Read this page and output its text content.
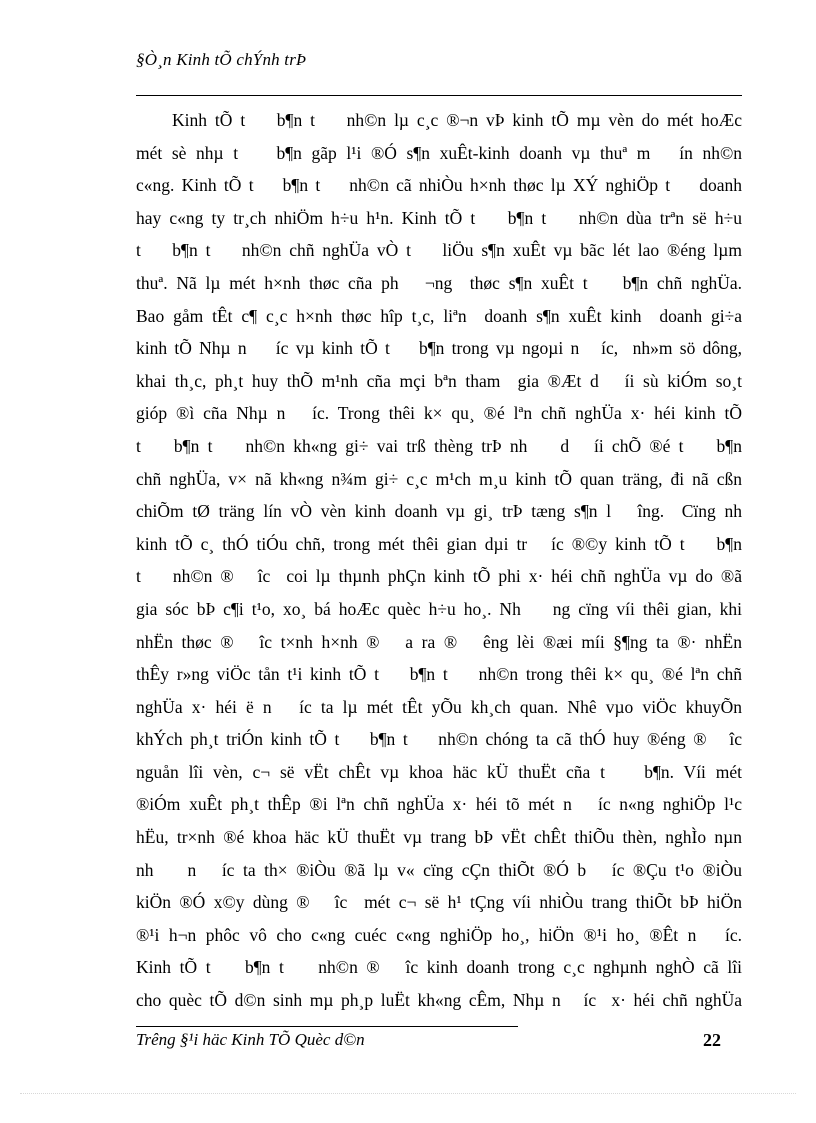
§Ò¸n Kinh tÕ chÝnh trÞ
Kinh tÕ t    b¶n t    nh©n lµ c¸c ®¬n vÞ kinh tÕ mµ vèn do mét hoÆc
mét sè nhµ t    b¶n gãp l¹i ®Ó s¶n xuÊt-kinh doanh vµ thuª m   ín nh©n
c«ng. Kinh tÕ t    b¶n t    nh©n cã nhiÒu h×nh thøc lµ XÝ nghiÖp t    doanh
hay c«ng ty tr¸ch nhiÖm h÷u h¹n. Kinh tÕ t    b¶n t    nh©n dùa trªn së h÷u
t    b¶n t    nh©n chñ nghÜa vÒ t    liÖu s¶n xuÊt vµ bãc lét lao ®éng lµm
thuª. Nã lµ mét h×nh thøc cña ph   ¬ng  thøc s¶n xuÊt t    b¶n chñ nghÜa.
Bao gåm tÊt c¶ c¸c h×nh thøc hîp t¸c, liªn  doanh s¶n xuÊt kinh  doanh gi÷a
kinh tÕ Nhµ n    íc vµ kinh tÕ t    b¶n trong vµ ngoµi n   íc,  nh»m sö dông,
khai th¸c, ph¸t huy thÕ m¹nh cña mçi bªn tham  gia ®Æt d   íi sù kiÓm so¸t
gióp ®ì cña Nhµ n   íc. Trong thêi k× qu¸ ®é lªn chñ nghÜa x· héi kinh tÕ
t    b¶n t    nh©n kh«ng gi÷ vai trß thèng trÞ nh    d   íi chÕ ®é t    b¶n
chñ nghÜa, v× nã kh«ng n¾m gi÷ c¸c m¹ch m¸u kinh tÕ quan träng, đi nã cßn
chiÕm tØ träng lín vÒ vèn kinh doanh vµ gi¸ trÞ tæng s¶n l   îng.  Cïng nh
kinh tÕ c¸ thÓ tiÓu chñ, trong mét thêi gian dµi tr   íc ®©y kinh tÕ t    b¶n
t    nh©n ®   îc  coi lµ thµnh phÇn kinh tÕ phi x· héi chñ nghÜa vµ do ®ã
gia sóc bÞ c¶i t¹o, xo¸ bá hoÆc quèc h÷u ho¸. Nh    ng cïng víi thêi gian, khi
nhËn thøc ®   îc t×nh h×nh ®   a ra ®   êng lèi ®æi míi §¶ng ta ®· nhËn
thÊy r»ng viÖc tån t¹i kinh tÕ t    b¶n t    nh©n trong thêi k× qu¸ ®é lªn chñ
nghÜa x· héi ë n   íc ta lµ mét tÊt yÕu kh¸ch quan. Nhê vµo viÖc khuyÕn
khÝch ph¸t triÓn kinh tÕ t    b¶n t    nh©n chóng ta cã thÓ huy ®éng ®   îc
nguån lîi vèn, c¬ së vËt chÊt vµ khoa häc kÜ thuËt cña t    b¶n. Víi mét
®iÓm xuÊt ph¸t thÊp ®i lªn chñ nghÜa x· héi tõ mét n   íc n«ng nghiÖp l¹c
hËu, tr×nh ®é khoa häc kÜ thuËt vµ trang bÞ vËt chÊt thiÕu thèn, nghÌo nµn
nh    n   íc ta th× ®iÒu ®ã lµ v« cïng cÇn thiÕt ®Ó b   íc ®Çu t¹o ®iÒu
kiÖn ®Ó x©y dùng ®   îc  mét c¬ së h¹ tÇng víi nhiÒu trang thiÕt bÞ hiÖn
®¹i h¬n phôc vô cho c«ng cuéc c«ng nghiÖp ho¸, hiÖn ®¹i ho¸ ®Êt n   íc.
Kinh tÕ t    b¶n t    nh©n ®   îc kinh doanh trong c¸c nghµnh nghÒ cã lîi
cho quèc tÕ d©n sinh mµ ph¸p luËt kh«ng cÊm, Nhµ n   íc  x· héi chñ nghÜa
Trêng §¹i häc Kinh TÕ Quèc d©n	22
